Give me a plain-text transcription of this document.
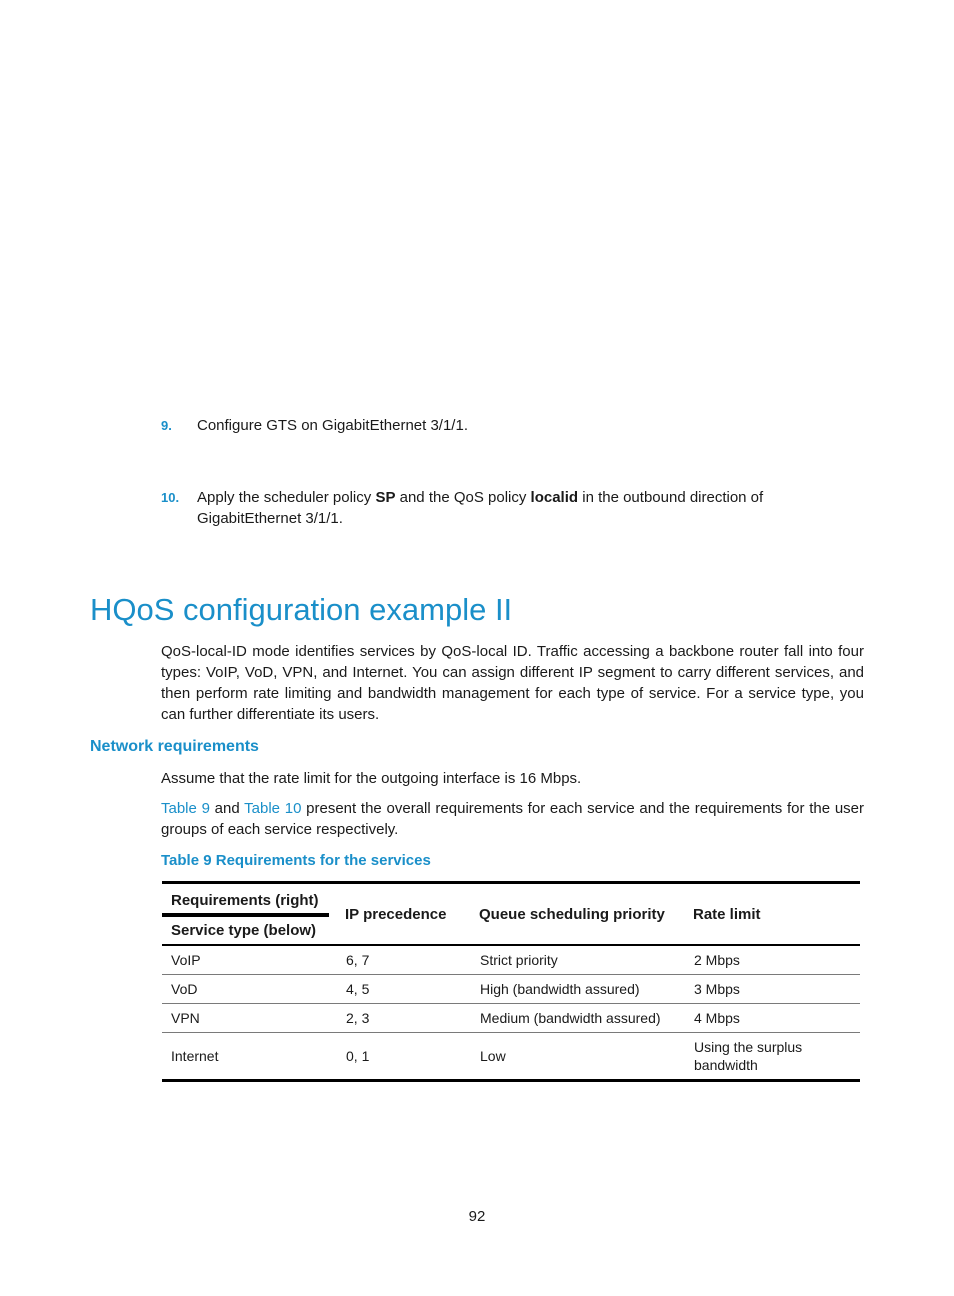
9. Configure GTS on GigabitEthernet 3/1/1.
10. Apply the scheduler policy SP and the QoS policy localid in the outbound direction of GigabitEthernet 3/1/1.
HQoS configuration example II

QoS-local-ID mode identifies services by QoS-local ID. Traffic accessing a backbone router fall into four types: VoIP, VoD, VPN, and Internet. You can assign different IP segment to carry different services, and then perform rate limiting and bandwidth management for each type of service. For a service type, you can further differentiate its users.

Network requirements

Assume that the rate limit for the outgoing interface is 16 Mbps.

Table 9 and Table 10 present the overall requirements for each service and the requirements for the user groups of each service respectively.

Table 9 Requirements for the services
Requirements (right)
Service type (below)	IP precedence	Queue scheduling priority	Rate limit
VoIP	6, 7	Strict priority	2 Mbps
VoD	4, 5	High (bandwidth assured)	3 Mbps
VPN	2, 3	Medium (bandwidth assured)	4 Mbps
Internet	0, 1	Low	Using the surplus bandwidth
92
